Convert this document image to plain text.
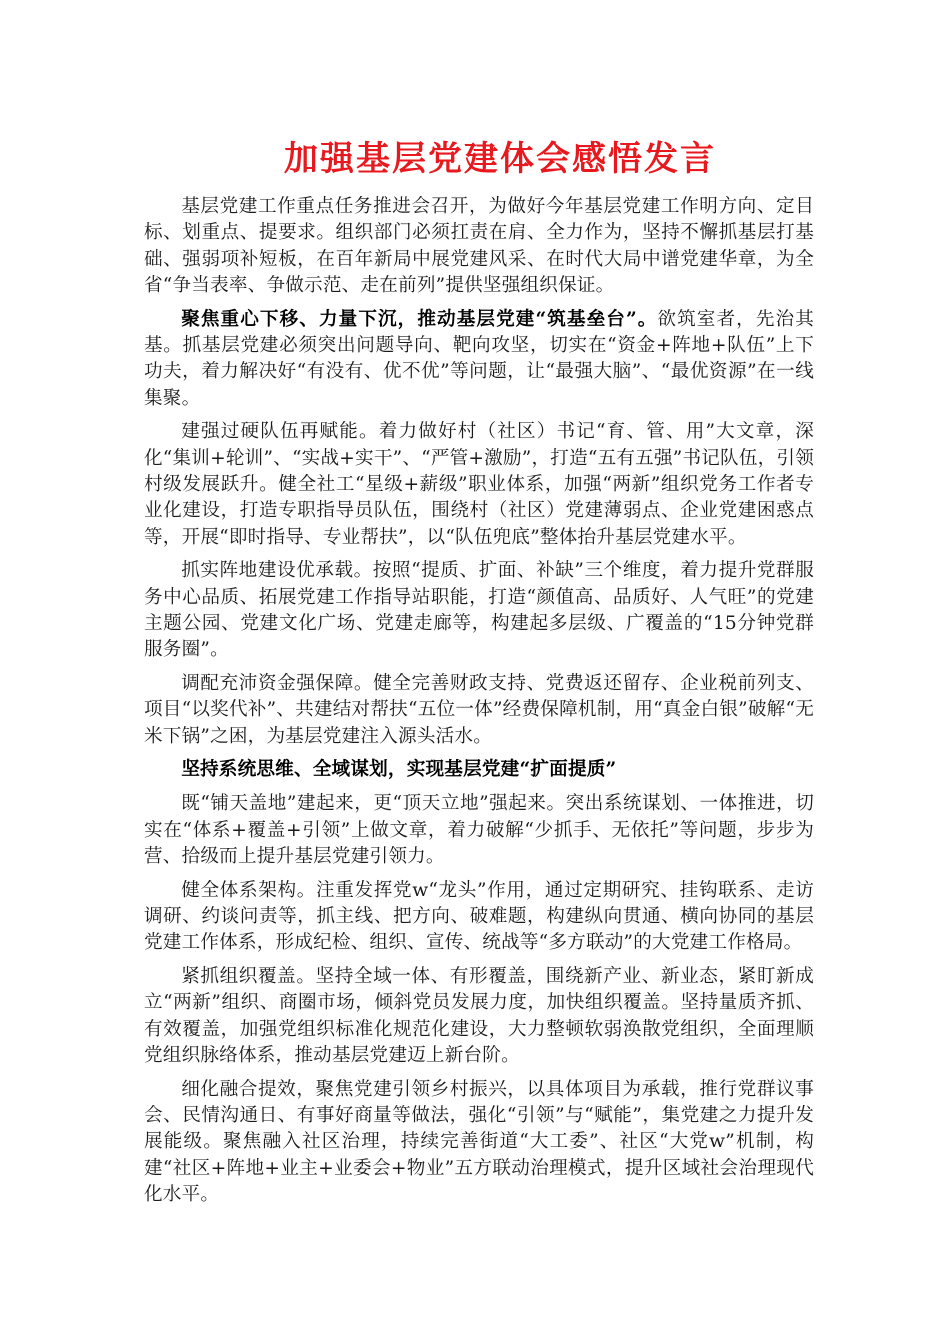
加强基层党建体会感悟发言

基层党建工作重点任务推进会召开，为做好今年基层党建工作明方向、定目标、划重点、提要求。组织部门必须扛责在肩、全力作为，坚持不懈抓基层打基础、强弱项补短板，在百年新局中展党建风采、在时代大局中谱党建华章，为全省“争当表率、争做示范、走在前列”提供坚强组织保证。

聚焦重心下移、力量下沉，推动基层党建“筑基垒台”。欲筑室者，先治其基。抓基层党建必须突出问题导向、靶向攻坚，切实在“资金+阵地+队伍”上下功夫，着力解决好“有没有、优不优”等问题，让“最强大脑”、“最优资源”在一线集聚。

建强过硬队伍再赋能。着力做好村（社区）书记“育、管、用”大文章，深化“集训+轮训”、“实战+实干”、“严管+激励”，打造“五有五强”书记队伍，引领村级发展跃升。健全社工“星级+薪级”职业体系，加强“两新”组织党务工作者专业化建设，打造专职指导员队伍，围绕村（社区）党建薄弱点、企业党建困惑点等，开展“即时指导、专业帮扶”，以“队伍兜底”整体抬升基层党建水平。

抓实阵地建设优承载。按照“提质、扩面、补缺”三个维度，着力提升党群服务中心品质、拓展党建工作指导站职能，打造“颜值高、品质好、人气旺”的党建主题公园、党建文化广场、党建走廊等，构建起多层级、广覆盖的“15分钟党群服务圈”。

调配充沛资金强保障。健全完善财政支持、党费返还留存、企业税前列支、项目“以奖代补”、共建结对帮扶“五位一体”经费保障机制，用“真金白银”破解“无米下锅”之困，为基层党建注入源头活水。

坚持系统思维、全域谋划，实现基层党建“扩面提质”

既“铺天盖地”建起来，更“顶天立地”强起来。突出系统谋划、一体推进，切实在“体系+覆盖+引领”上做文章，着力破解“少抓手、无依托”等问题，步步为营、拾级而上提升基层党建引领力。

健全体系架构。注重发挥党w“龙头”作用，通过定期研究、挂钩联系、走访调研、约谈问责等，抓主线、把方向、破难题，构建纵向贯通、横向协同的基层党建工作体系，形成纪检、组织、宣传、统战等“多方联动”的大党建工作格局。

紧抓组织覆盖。坚持全域一体、有形覆盖，围绕新产业、新业态，紧盯新成立“两新”组织、商圈市场，倾斜党员发展力度，加快组织覆盖。坚持量质齐抓、有效覆盖，加强党组织标准化规范化建设，大力整顿软弱涣散党组织，全面理顺党组织脉络体系，推动基层党建迈上新台阶。

细化融合提效，聚焦党建引领乡村振兴，以具体项目为承载，推行党群议事会、民情沟通日、有事好商量等做法，强化“引领”与“赋能”，集党建之力提升发展能级。聚焦融入社区治理，持续完善街道“大工委”、社区“大党w”机制，构建“社区+阵地+业主+业委会+物业”五方联动治理模式，提升区域社会治理现代化水平。
